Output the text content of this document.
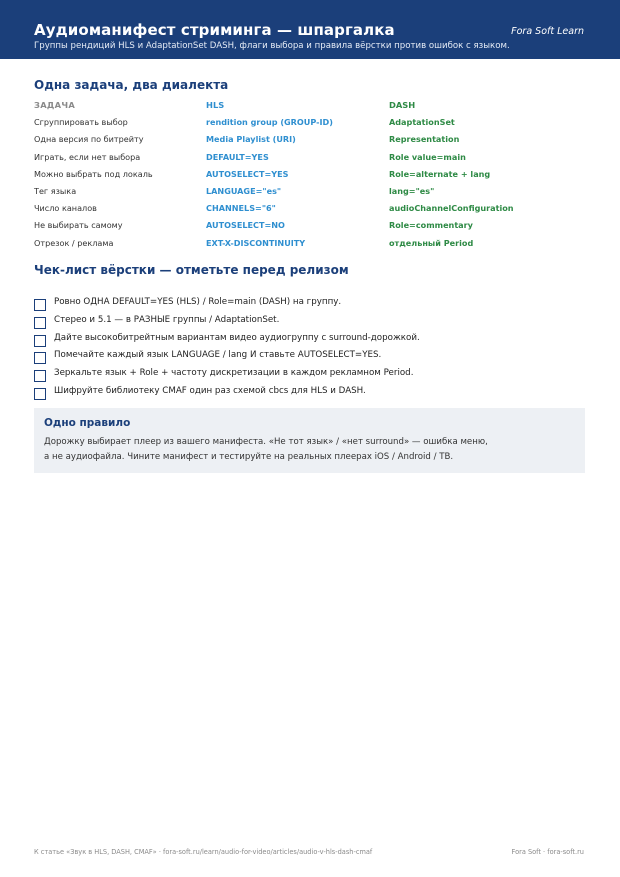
Аудиоманифест стриминга — шпаргалка	Fora Soft Learn
Группы рендиций HLS и AdaptationSet DASH, флаги выбора и правила вёрстки против ошибок с языком.
Одна задача, два диалекта
ЗАДАЧА	HLS	DASH
Сгруппировать выбор	rendition group (GROUP-ID)	AdaptationSet
Одна версия по битрейту	Media Playlist (URI)	Representation
Играть, если нет выбора	DEFAULT=YES	Role value=main
Можно выбрать под локаль	AUTOSELECT=YES	Role=alternate + lang
Тег языка	LANGUAGE="es"	lang="es"
Число каналов	CHANNELS="6"	audioChannelConfiguration
Не выбирать самому	AUTOSELECT=NO	Role=commentary
Отрезок / реклама	EXT-X-DISCONTINUITY	отдельный Period
Чек-лист вёрстки — отметьте перед релизом
Ровно ОДНА DEFAULT=YES (HLS) / Role=main (DASH) на группу.
Стерео и 5.1 — в РАЗНЫЕ группы / AdaptationSet.
Дайте высокобитрейтным вариантам видео аудиогруппу с surround-дорожкой.
Помечайте каждый язык LANGUAGE / lang И ставьте AUTOSELECT=YES.
Зеркальте язык + Role + частоту дискретизации в каждом рекламном Period.
Шифруйте библиотеку CMAF один раз схемой cbcs для HLS и DASH.
Одно правило
Дорожку выбирает плеер из вашего манифеста. «Не тот язык» / «нет surround» — ошибка меню,
а не аудиофайла. Чините манифест и тестируйте на реальных плеерах iOS / Android / ТВ.
К статье «Звук в HLS, DASH, CMAF» · fora-soft.ru/learn/audio-for-video/articles/audio-v-hls-dash-cmaf	Fora Soft · fora-soft.ru
